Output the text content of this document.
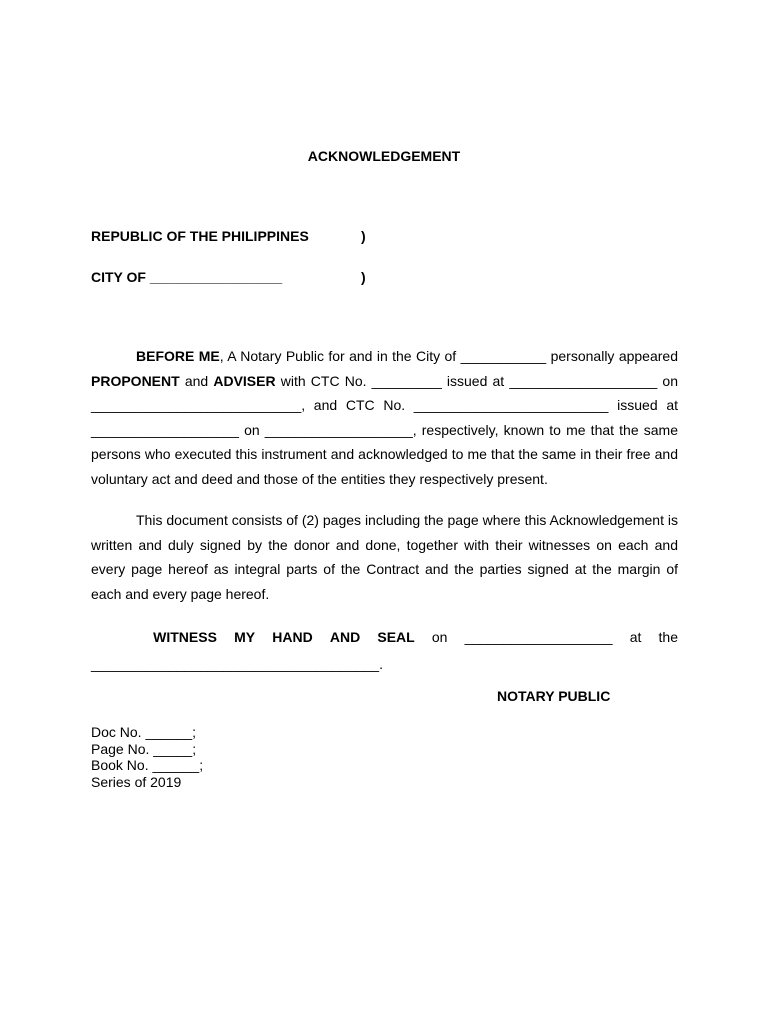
ACKNOWLEDGEMENT
REPUBLIC OF THE PHILIPPINES	)
CITY OF _________________	)

BEFORE ME, A Notary Public for and in the City of ___________ personally appeared PROPONENT and ADVISER with CTC No. _________ issued at ___________________ on ___________________________, and CTC No. _________________________ issued at ___________________ on ___________________, respectively, known to me that the same persons who executed this instrument and acknowledged to me that the same in their free and voluntary act and deed and those of the entities they respectively present.

This document consists of (2) pages including the page where this Acknowledgement is written and duly signed by the donor and done, together with their witnesses on each and every page hereof as integral parts of the Contract and the parties signed at the margin of each and every page hereof.

WITNESS MY HAND AND SEAL on ___________________ at the
_____________________________________.
NOTARY PUBLIC
Doc No. ______;
Page No. _____;
Book No. ______;
Series of 2019
